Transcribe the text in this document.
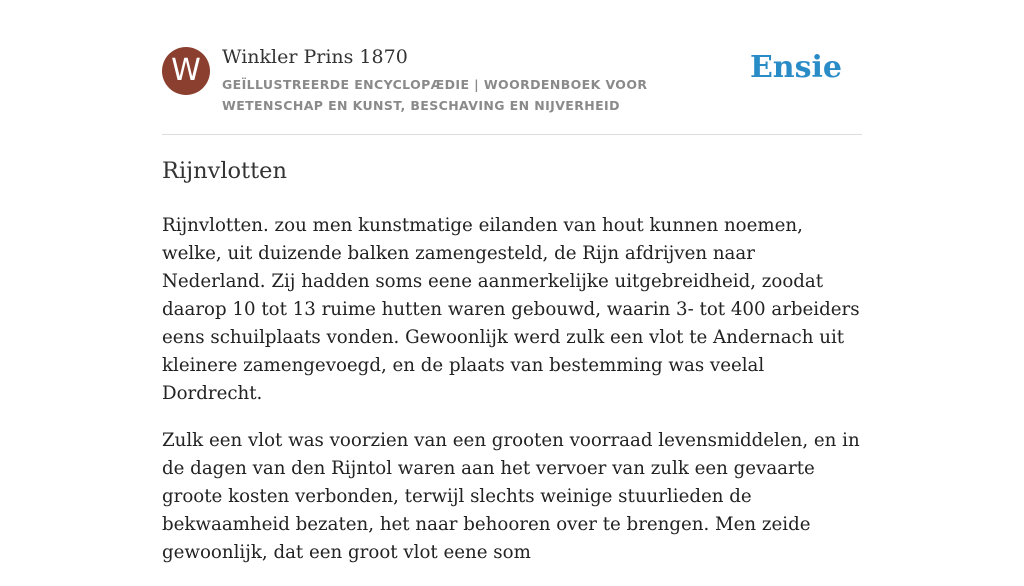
W	Winkler Prins 1870
GEÏLLUSTREERDE ENCYCLOPÆDIE | WOORDENBOEK VOOR WETENSCHAP EN KUNST, BESCHAVING EN NIJVERHEID
Ensie
Rijnvlotten

Rijnvlotten. zou men kunstmatige eilanden van hout kunnen noemen, welke, uit duizende balken zamengesteld, de Rijn afdrijven naar Nederland. Zij hadden soms eene aanmerkelijke uitgebreidheid, zoodat daarop 10 tot 13 ruime hutten waren gebouwd, waarin 3- tot 400 arbeiders eens schuilplaats vonden. Gewoonlijk werd zulk een vlot te Andernach uit kleinere zamengevoegd, en de plaats van bestemming was veelal Dordrecht.

Zulk een vlot was voorzien van een grooten voorraad levensmiddelen, en in de dagen van den Rijntol waren aan het vervoer van zulk een gevaarte groote kosten verbonden, terwijl slechts weinige stuurlieden de bekwaamheid bezaten, het naar behooren over te brengen. Men zeide gewoonlijk, dat een groot vlot eene som
